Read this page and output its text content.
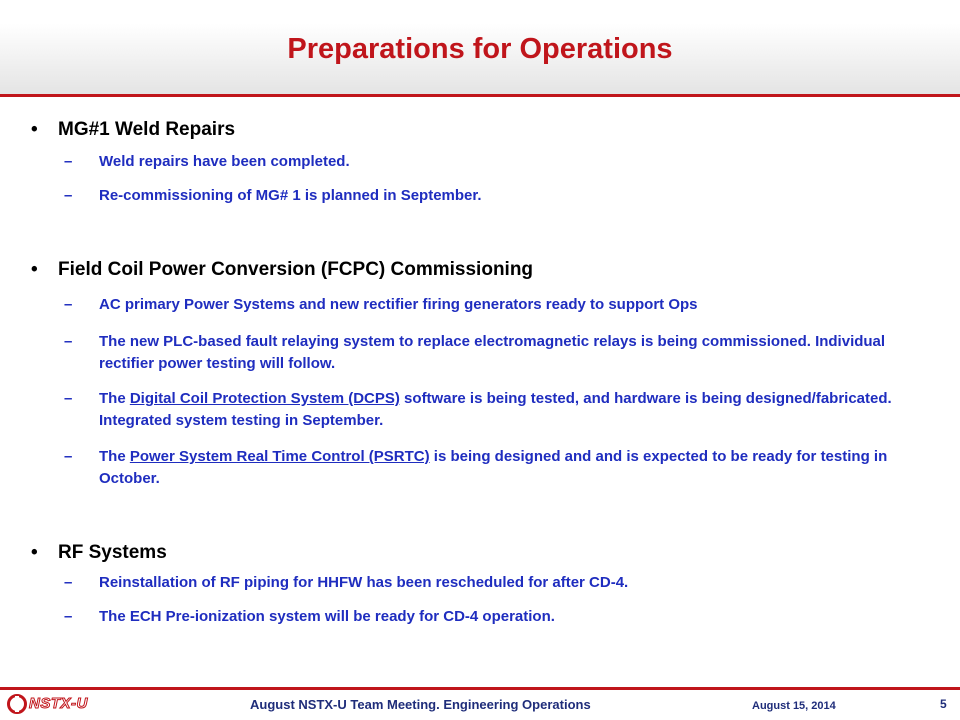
Preparations for Operations
• MG#1 Weld Repairs
– Weld repairs have been completed.
– Re-commissioning of MG# 1 is planned in September.
• Field Coil Power Conversion (FCPC) Commissioning
– AC primary Power Systems and new rectifier firing generators ready to support Ops
– The new PLC-based fault relaying system to replace electromagnetic relays is being commissioned. Individual rectifier power testing will follow.
– The Digital Coil Protection System (DCPS) software is being tested, and hardware is being designed/fabricated. Integrated system testing in September.
– The Power System Real Time Control (PSRTC) is being designed and and is expected to be ready for testing in October.
• RF Systems
– Reinstallation of RF piping for HHFW has been rescheduled for after CD-4.
– The ECH Pre-ionization system will be ready for CD-4 operation.
NSTX-U	August NSTX-U Team Meeting. Engineering Operations	August 15, 2014	5
